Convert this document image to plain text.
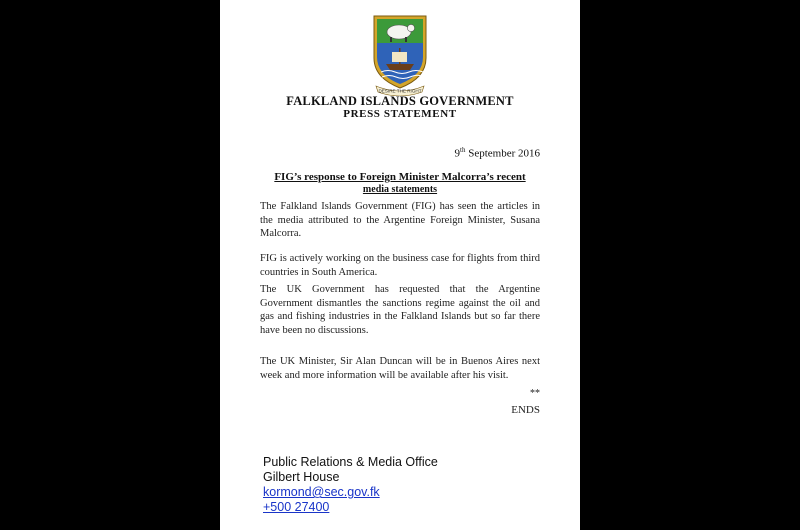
DESIRE THE RIGHT
FALKLAND ISLANDS GOVERNMENT
PRESS STATEMENT
9th September 2016
FIG’s response to Foreign Minister Malcorra’s recent
media statements

The Falkland Islands Government (FIG) has seen the articles in the media attributed to the Argentine Foreign Minister, Susana Malcorra.

FIG is actively working on the business case for flights from third countries in South America.

The UK Government has requested that the Argentine Government dismantles the sanctions regime against the oil and gas and fishing industries in the Falkland Islands but so far there have been no discussions.

The UK Minister, Sir Alan Duncan will be in Buenos Aires next week and more information will be available after his visit.

**
ENDS
Public Relations & Media Office
Gilbert House
kormond@sec.gov.fk
+500 27400
